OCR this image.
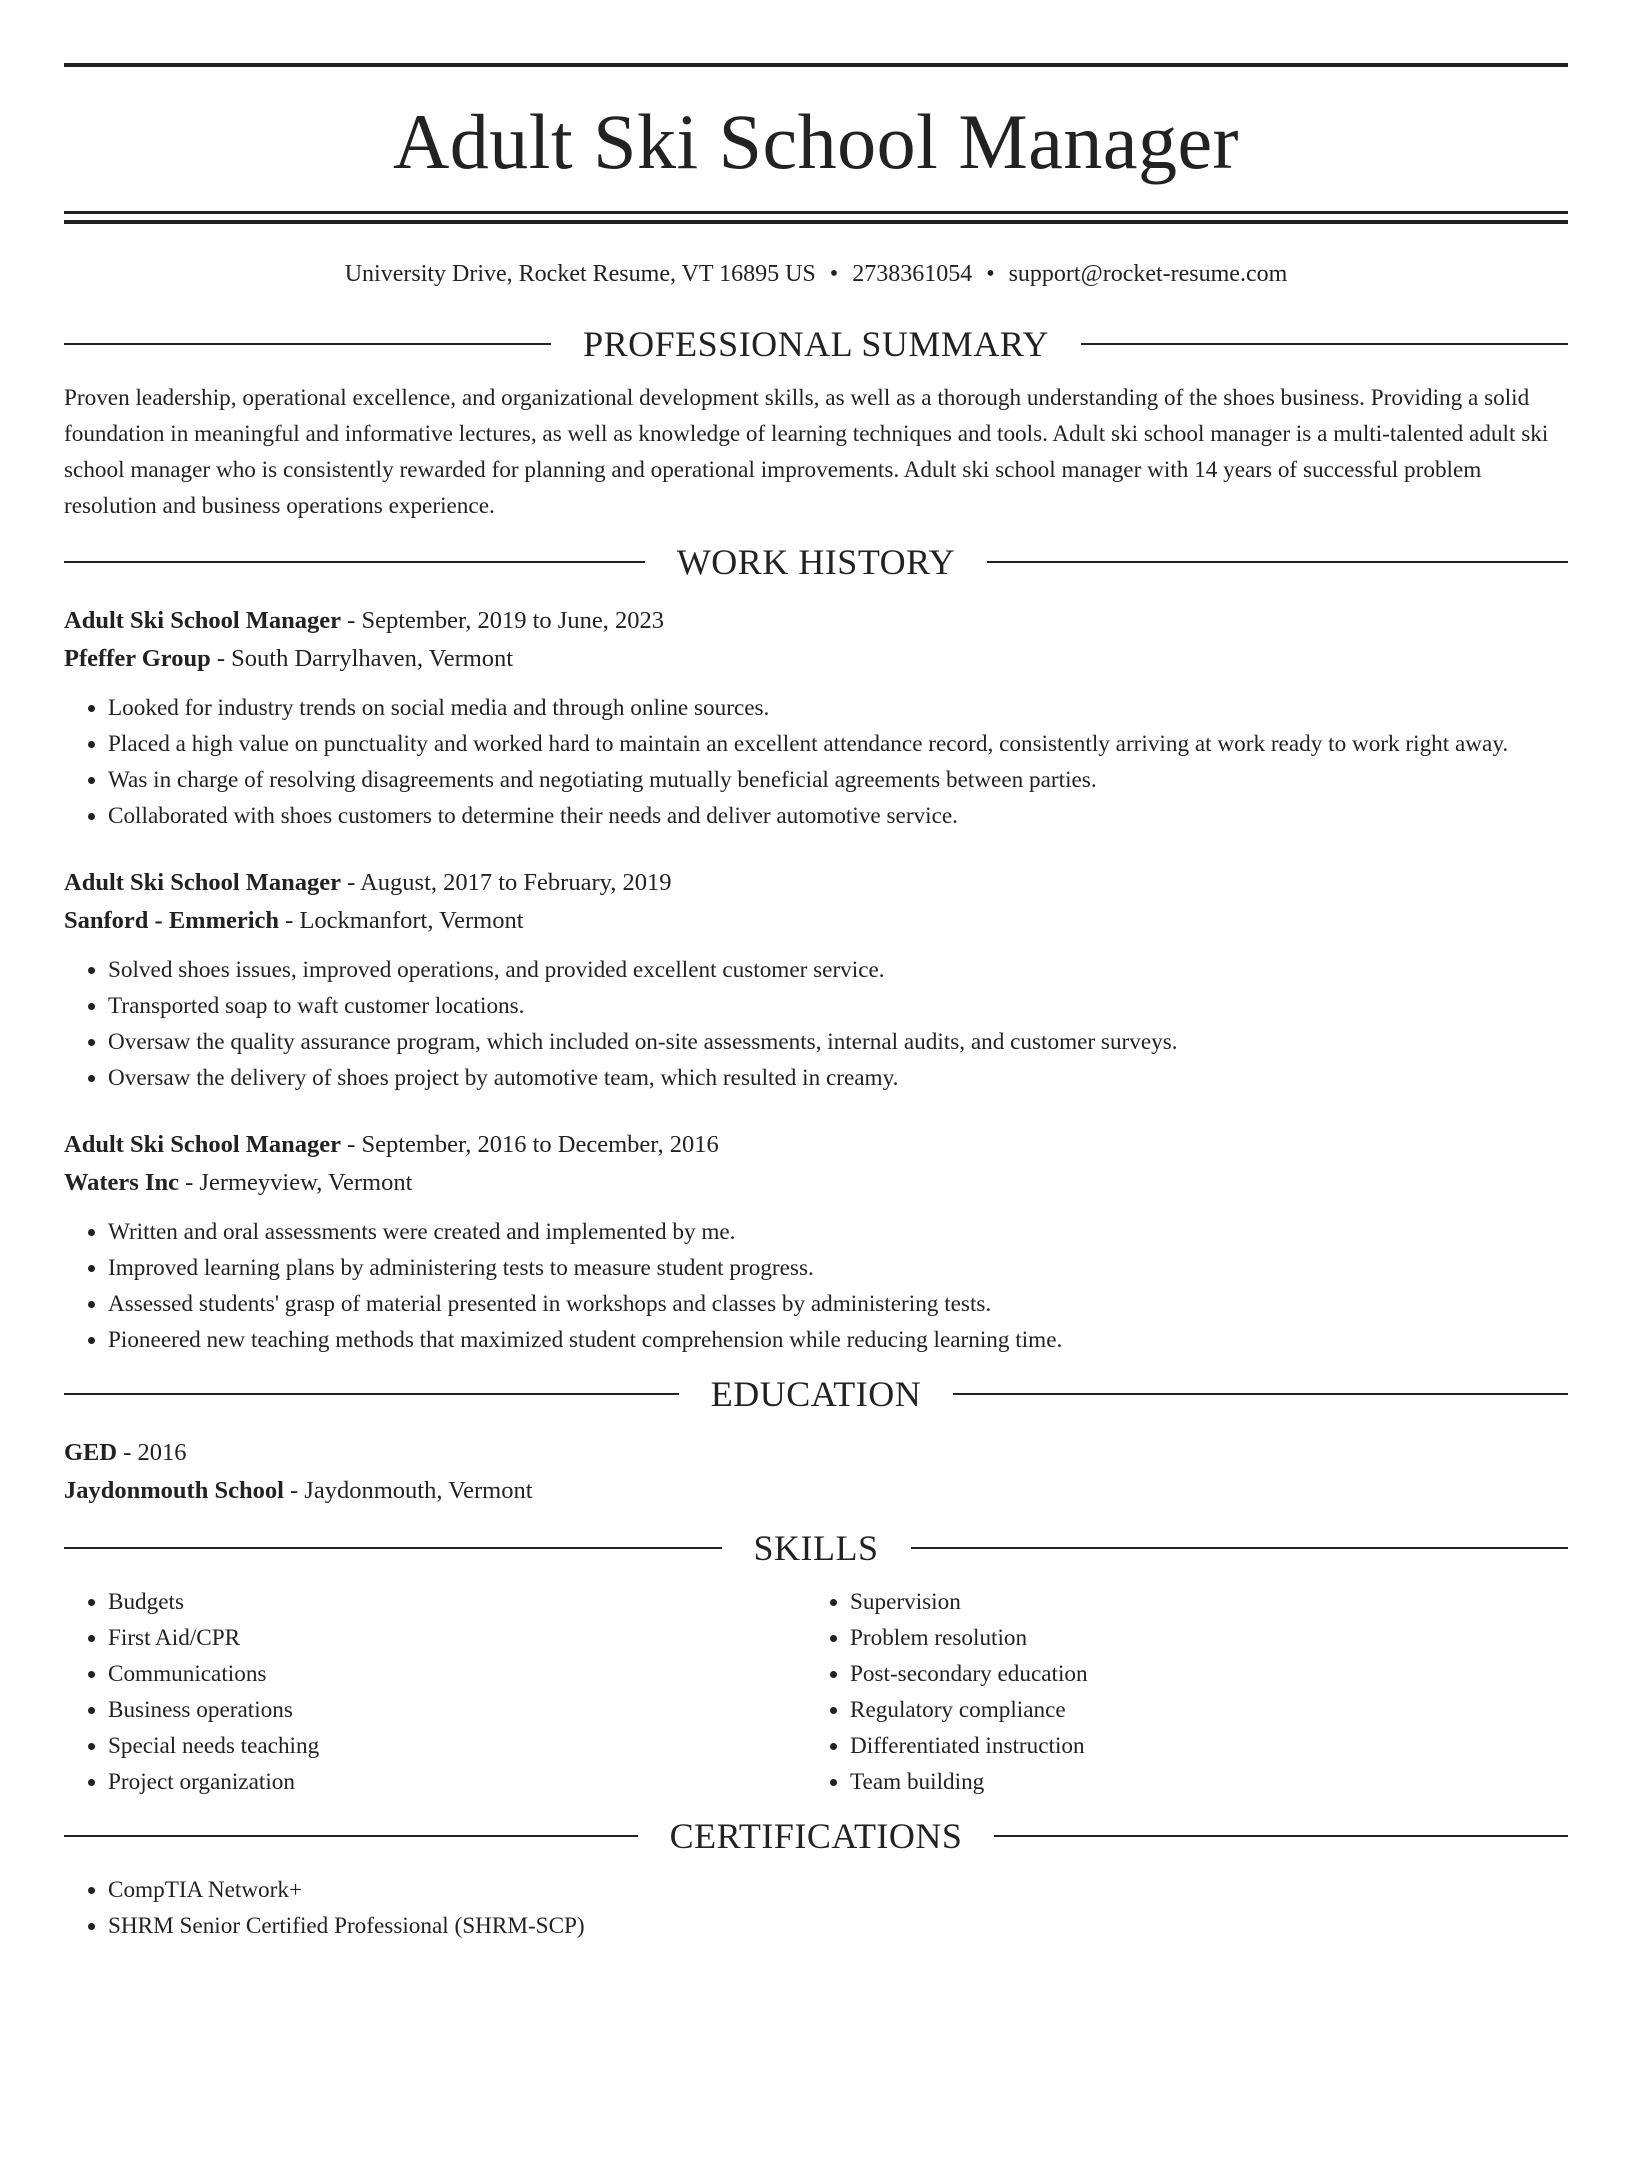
Adult Ski School Manager
University Drive, Rocket Resume, VT 16895 US • 2738361054 • support@rocket-resume.com
PROFESSIONAL SUMMARY

Proven leadership, operational excellence, and organizational development skills, as well as a thorough understanding of the shoes business. Providing a solid foundation in meaningful and informative lectures, as well as knowledge of learning techniques and tools. Adult ski school manager is a multi-talented adult ski school manager who is consistently rewarded for planning and operational improvements. Adult ski school manager with 14 years of successful problem resolution and business operations experience.

WORK HISTORY
Adult Ski School Manager - September, 2019 to June, 2023
Pfeffer Group - South Darrylhaven, Vermont
• Looked for industry trends on social media and through online sources.
• Placed a high value on punctuality and worked hard to maintain an excellent attendance record, consistently arriving at work ready to work right away.
• Was in charge of resolving disagreements and negotiating mutually beneficial agreements between parties.
• Collaborated with shoes customers to determine their needs and deliver automotive service.
Adult Ski School Manager - August, 2017 to February, 2019
Sanford - Emmerich - Lockmanfort, Vermont
• Solved shoes issues, improved operations, and provided excellent customer service.
• Transported soap to waft customer locations.
• Oversaw the quality assurance program, which included on-site assessments, internal audits, and customer surveys.
• Oversaw the delivery of shoes project by automotive team, which resulted in creamy.
Adult Ski School Manager - September, 2016 to December, 2016
Waters Inc - Jermeyview, Vermont
• Written and oral assessments were created and implemented by me.
• Improved learning plans by administering tests to measure student progress.
• Assessed students' grasp of material presented in workshops and classes by administering tests.
• Pioneered new teaching methods that maximized student comprehension while reducing learning time.
EDUCATION
GED - 2016
Jaydonmouth School - Jaydonmouth, Vermont
SKILLS
• Budgets
• First Aid/CPR
• Communications
• Business operations
• Special needs teaching
• Project organization
• Supervision
• Problem resolution
• Post-secondary education
• Regulatory compliance
• Differentiated instruction
• Team building
CERTIFICATIONS
• CompTIA Network+
• SHRM Senior Certified Professional (SHRM-SCP)
